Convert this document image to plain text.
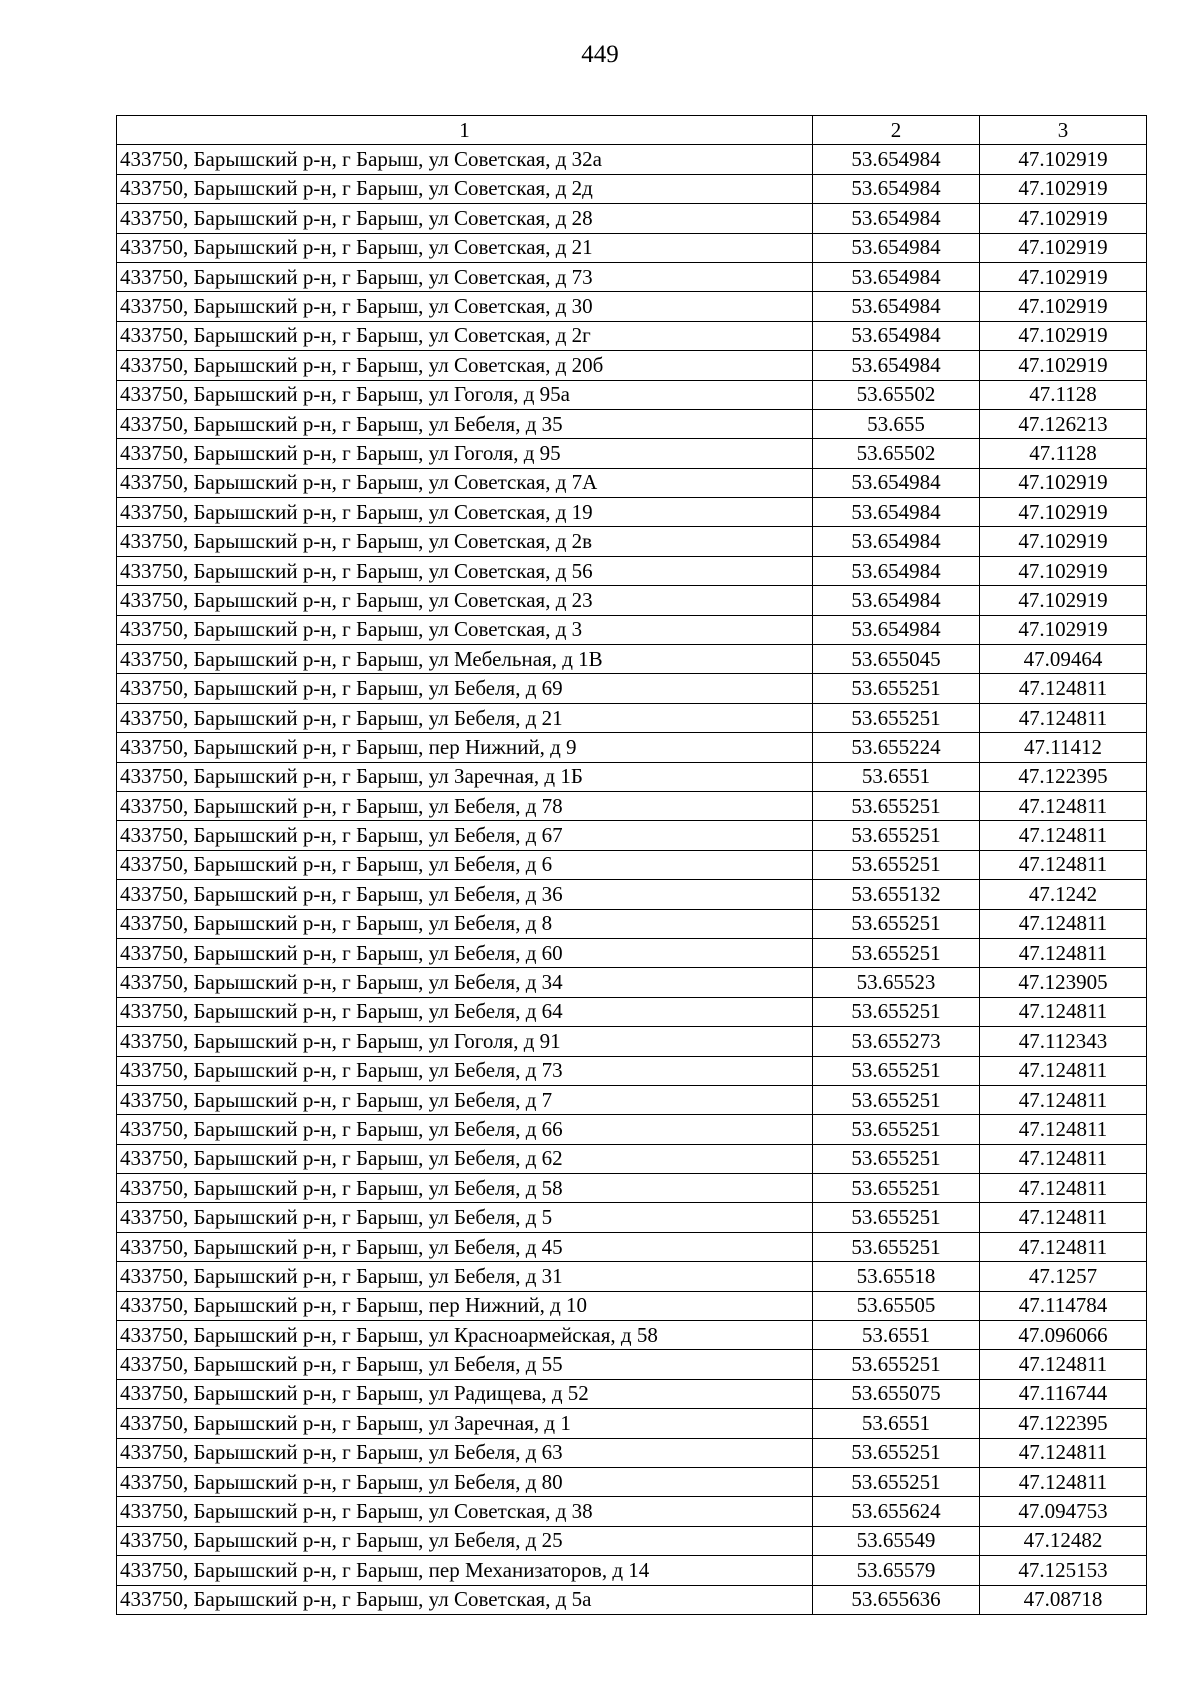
449
1	2	3
433750, Барышский р-н, г Барыш, ул Советская, д 32а	53.654984	47.102919
433750, Барышский р-н, г Барыш, ул Советская, д 2д	53.654984	47.102919
433750, Барышский р-н, г Барыш, ул Советская, д 28	53.654984	47.102919
433750, Барышский р-н, г Барыш, ул Советская, д 21	53.654984	47.102919
433750, Барышский р-н, г Барыш, ул Советская, д 73	53.654984	47.102919
433750, Барышский р-н, г Барыш, ул Советская, д 30	53.654984	47.102919
433750, Барышский р-н, г Барыш, ул Советская, д 2г	53.654984	47.102919
433750, Барышский р-н, г Барыш, ул Советская, д 20б	53.654984	47.102919
433750, Барышский р-н, г Барыш, ул Гоголя, д 95а	53.65502	47.1128
433750, Барышский р-н, г Барыш, ул Бебеля, д 35	53.655	47.126213
433750, Барышский р-н, г Барыш, ул Гоголя, д 95	53.65502	47.1128
433750, Барышский р-н, г Барыш, ул Советская, д 7А	53.654984	47.102919
433750, Барышский р-н, г Барыш, ул Советская, д 19	53.654984	47.102919
433750, Барышский р-н, г Барыш, ул Советская, д 2в	53.654984	47.102919
433750, Барышский р-н, г Барыш, ул Советская, д 56	53.654984	47.102919
433750, Барышский р-н, г Барыш, ул Советская, д 23	53.654984	47.102919
433750, Барышский р-н, г Барыш, ул Советская, д 3	53.654984	47.102919
433750, Барышский р-н, г Барыш, ул Мебельная, д 1В	53.655045	47.09464
433750, Барышский р-н, г Барыш, ул Бебеля, д 69	53.655251	47.124811
433750, Барышский р-н, г Барыш, ул Бебеля, д 21	53.655251	47.124811
433750, Барышский р-н, г Барыш, пер Нижний, д 9	53.655224	47.11412
433750, Барышский р-н, г Барыш, ул Заречная, д 1Б	53.6551	47.122395
433750, Барышский р-н, г Барыш, ул Бебеля, д 78	53.655251	47.124811
433750, Барышский р-н, г Барыш, ул Бебеля, д 67	53.655251	47.124811
433750, Барышский р-н, г Барыш, ул Бебеля, д 6	53.655251	47.124811
433750, Барышский р-н, г Барыш, ул Бебеля, д 36	53.655132	47.1242
433750, Барышский р-н, г Барыш, ул Бебеля, д 8	53.655251	47.124811
433750, Барышский р-н, г Барыш, ул Бебеля, д 60	53.655251	47.124811
433750, Барышский р-н, г Барыш, ул Бебеля, д 34	53.65523	47.123905
433750, Барышский р-н, г Барыш, ул Бебеля, д 64	53.655251	47.124811
433750, Барышский р-н, г Барыш, ул Гоголя, д 91	53.655273	47.112343
433750, Барышский р-н, г Барыш, ул Бебеля, д 73	53.655251	47.124811
433750, Барышский р-н, г Барыш, ул Бебеля, д 7	53.655251	47.124811
433750, Барышский р-н, г Барыш, ул Бебеля, д 66	53.655251	47.124811
433750, Барышский р-н, г Барыш, ул Бебеля, д 62	53.655251	47.124811
433750, Барышский р-н, г Барыш, ул Бебеля, д 58	53.655251	47.124811
433750, Барышский р-н, г Барыш, ул Бебеля, д 5	53.655251	47.124811
433750, Барышский р-н, г Барыш, ул Бебеля, д 45	53.655251	47.124811
433750, Барышский р-н, г Барыш, ул Бебеля, д 31	53.65518	47.1257
433750, Барышский р-н, г Барыш, пер Нижний, д 10	53.65505	47.114784
433750, Барышский р-н, г Барыш, ул Красноармейская, д 58	53.6551	47.096066
433750, Барышский р-н, г Барыш, ул Бебеля, д 55	53.655251	47.124811
433750, Барышский р-н, г Барыш, ул Радищева, д 52	53.655075	47.116744
433750, Барышский р-н, г Барыш, ул Заречная, д 1	53.6551	47.122395
433750, Барышский р-н, г Барыш, ул Бебеля, д 63	53.655251	47.124811
433750, Барышский р-н, г Барыш, ул Бебеля, д 80	53.655251	47.124811
433750, Барышский р-н, г Барыш, ул Советская, д 38	53.655624	47.094753
433750, Барышский р-н, г Барыш, ул Бебеля, д 25	53.65549	47.12482
433750, Барышский р-н, г Барыш, пер Механизаторов, д 14	53.65579	47.125153
433750, Барышский р-н, г Барыш, ул Советская, д 5а	53.655636	47.08718
